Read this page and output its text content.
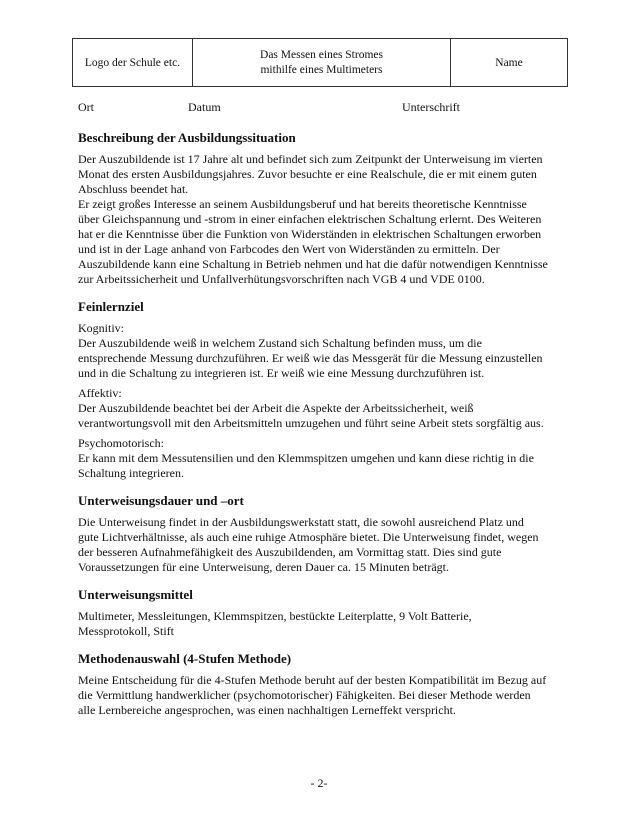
Logo der Schule etc.
Das Messen eines Stromes
mithilfe eines Multimeters
Name
Ort	Datum	Unterschrift
Beschreibung der Ausbildungssituation
Der Auszubildende ist 17 Jahre alt und befindet sich zum Zeitpunkt der Unterweisung im vierten
Monat des ersten Ausbildungsjahres. Zuvor besuchte er eine Realschule, die er mit einem guten
Abschluss beendet hat.
Er zeigt großes Interesse an seinem Ausbildungsberuf und hat bereits theoretische Kenntnisse
über Gleichspannung und -strom in einer einfachen elektrischen Schaltung erlernt. Des Weiteren
hat er die Kenntnisse über die Funktion von Widerständen in elektrischen Schaltungen erworben
und ist in der Lage anhand von Farbcodes den Wert von Widerständen zu ermitteln. Der
Auszubildende kann eine Schaltung in Betrieb nehmen und hat die dafür notwendigen Kenntnisse
zur Arbeitssicherheit und Unfallverhütungsvorschriften nach VGB 4 und VDE 0100.
Feinlernziel
Kognitiv:
Der Auszubildende weiß in welchem Zustand sich Schaltung befinden muss, um die
entsprechende Messung durchzuführen. Er weiß wie das Messgerät für die Messung einzustellen
und in die Schaltung zu integrieren ist. Er weiß wie eine Messung durchzuführen ist.
Affektiv:
Der Auszubildende beachtet bei der Arbeit die Aspekte der Arbeitssicherheit, weiß
verantwortungsvoll mit den Arbeitsmitteln umzugehen und führt seine Arbeit stets sorgfältig aus.
Psychomotorisch:
Er kann mit dem Messutensilien und den Klemmspitzen umgehen und kann diese richtig in die
Schaltung integrieren.
Unterweisungsdauer und –ort
Die Unterweisung findet in der Ausbildungswerkstatt statt, die sowohl ausreichend Platz und
gute Lichtverhältnisse, als auch eine ruhige Atmosphäre bietet. Die Unterweisung findet, wegen
der besseren Aufnahmefähigkeit des Auszubildenden, am Vormittag statt. Dies sind gute
Voraussetzungen für eine Unterweisung, deren Dauer ca. 15 Minuten beträgt.
Unterweisungsmittel
Multimeter, Messleitungen, Klemmspitzen, bestückte Leiterplatte, 9 Volt Batterie,
Messprotokoll, Stift
Methodenauswahl (4-Stufen Methode)
Meine Entscheidung für die 4-Stufen Methode beruht auf der besten Kompatibilität im Bezug auf
die Vermittlung handwerklicher (psychomotorischer) Fähigkeiten. Bei dieser Methode werden
alle Lernbereiche angesprochen, was einen nachhaltigen Lerneffekt verspricht.
- 2-
